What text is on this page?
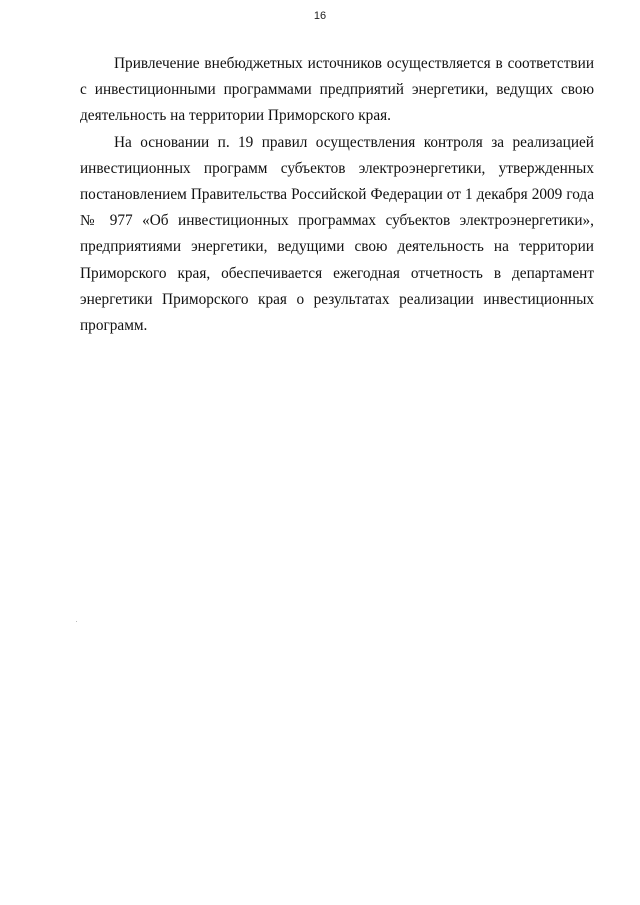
16

Привлечение внебюджетных источников осуществляется в соответствии с инвестиционными программами предприятий энергетики, ведущих свою деятельность на территории Приморского края.

На основании п. 19 правил осуществления контроля за реализацией инвестиционных программ субъектов электроэнергетики, утвержденных постановлением Правительства Российской Федерации от 1 декабря 2009 года № 977 «Об инвестиционных программах субъектов электроэнергетики», предприятиями энергетики, ведущими свою деятельность на территории Приморского края, обеспечивается ежегодная отчетность в департамент энергетики Приморского края о результатах реализации инвестиционных программ.
